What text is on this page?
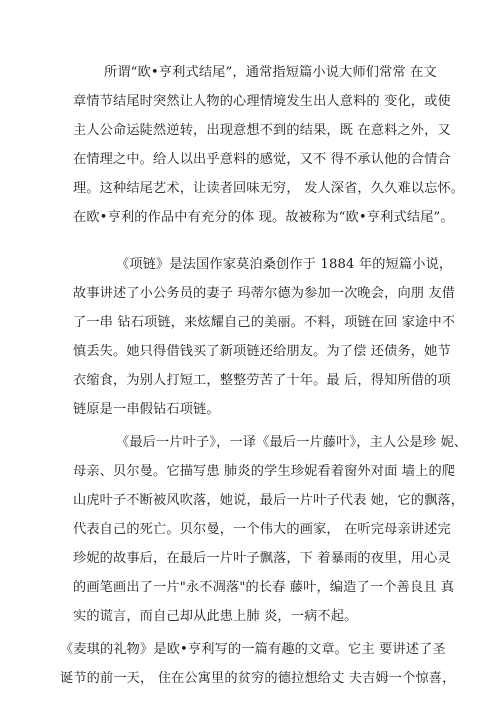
所谓“欧•亨利式结尾”，通常指短篇小说大师们常常 在文
章情节结尾时突然让人物的心理情境发生出人意料的 变化，或使
主人公命运陡然逆转，出现意想不到的结果，既 在意料之外，又
在情理之中。给人以出乎意料的感觉，又不 得不承认他的合情合
理。这种结尾艺术，让读者回味无穷， 发人深省，久久难以忘怀。
在欧•亨利的作品中有充分的体 现。故被称为“欧•亨利式结尾”。
《项链》是法国作家莫泊桑创作于 1884 年的短篇小说，
故事讲述了小公务员的妻子 玛蒂尔德为参加一次晚会，向朋 友借
了一串 钻石项链，来炫耀自己的美丽。不料，项链在回 家途中不
慎丢失。她只得借钱买了新项链还给朋友。为了偿 还债务，她节
衣缩食，为别人打短工，整整劳苦了十年。最 后，得知所借的项
链原是一串假钻石项链。
《最后一片叶子》，一译《最后一片藤叶》，主人公是珍 妮、
母亲、贝尔曼。它描写患 肺炎的学生珍妮看着窗外对面 墙上的爬
山虎叶子不断被风吹落，她说，最后一片叶子代表 她，它的飘落，
代表自己的死亡。贝尔曼，一个伟大的画家， 在听完母亲讲述完
珍妮的故事后，在最后一片叶子飘落，下 着暴雨的夜里，用心灵
的画笔画出了一片"永不凋落"的长春 藤叶，编造了一个善良且 真
实的谎言，而自己却从此患上肺 炎，一病不起。
《麦琪的礼物》是欧•亨利写的一篇有趣的文章。它主 要讲述了圣
诞节的前一天， 住在公寓里的贫穷的德拉想给丈 夫吉姆一个惊喜，
